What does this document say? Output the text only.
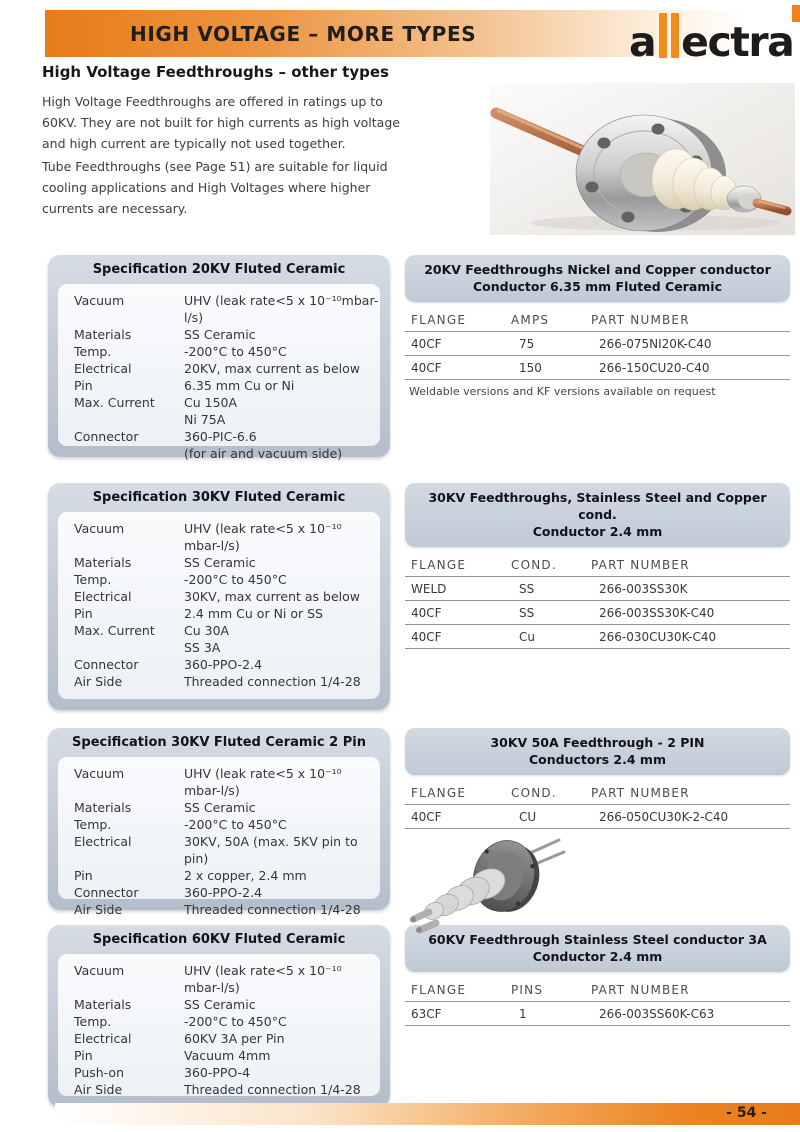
HIGH VOLTAGE – MORE TYPES	a ectra
High Voltage Feedthroughs – other types

High Voltage Feedthroughs are offered in ratings up to 60KV. They are not built for high currents as high voltage and high current are typically not used together.

Tube Feedthroughs (see Page 51) are suitable for liquid cooling applications and High Voltages where higher currents are necessary.

Specification 20KV Fluted Ceramic
Vacuum	UHV (leak rate<5 x 10⁻¹⁰mbar-l/s)
Materials	SS Ceramic
Temp.	-200°C to 450°C
Electrical	20KV, max current as below
Pin	6.35 mm Cu or Ni
Max. Current	Cu 150A
Ni 75A
Connector	360-PIC-6.6
(for air and vacuum side)
Specification 30KV Fluted Ceramic
Vacuum	UHV (leak rate<5 x 10⁻¹⁰ mbar-l/s)
Materials	SS Ceramic
Temp.	-200°C to 450°C
Electrical	30KV, max current as below
Pin	2.4 mm Cu or Ni or SS
Max. Current	Cu 30A
SS 3A
Connector	360-PPO-2.4
Air Side	Threaded connection 1/4-28
Specification 30KV Fluted Ceramic 2 Pin
Vacuum	UHV (leak rate<5 x 10⁻¹⁰ mbar-l/s)
Materials	SS Ceramic
Temp.	-200°C to 450°C
Electrical	30KV, 50A (max. 5KV pin to pin)
Pin	2 x copper, 2.4 mm
Connector	360-PPO-2.4
Air Side	Threaded connection 1/4-28
Specification 60KV Fluted Ceramic
Vacuum	UHV (leak rate<5 x 10⁻¹⁰ mbar-l/s)
Materials	SS Ceramic
Temp.	-200°C to 450°C
Electrical	60KV 3A per Pin
Pin	Vacuum 4mm
Push-on	360-PPO-4
Air Side	Threaded connection 1/4-28
20KV Feedthroughs Nickel and Copper conductor
Conductor 6.35 mm Fluted Ceramic
FLANGE	AMPS	PART NUMBER
40CF	75	266-075NI20K-C40
40CF	150	266-150CU20-C40
Weldable versions and KF versions available on request
30KV Feedthroughs, Stainless Steel and Copper cond.
Conductor 2.4 mm
FLANGE	COND.	PART NUMBER
WELD	SS	266-003SS30K
40CF	SS	266-003SS30K-C40
40CF	Cu	266-030CU30K-C40
30KV 50A Feedthrough - 2 PIN
Conductors 2.4 mm
FLANGE	COND.	PART NUMBER
40CF	CU	266-050CU30K-2-C40
60KV Feedthrough Stainless Steel conductor 3A
Conductor 2.4 mm
FLANGE	PINS	PART NUMBER
63CF	1	266-003SS60K-C63
- 54 -
